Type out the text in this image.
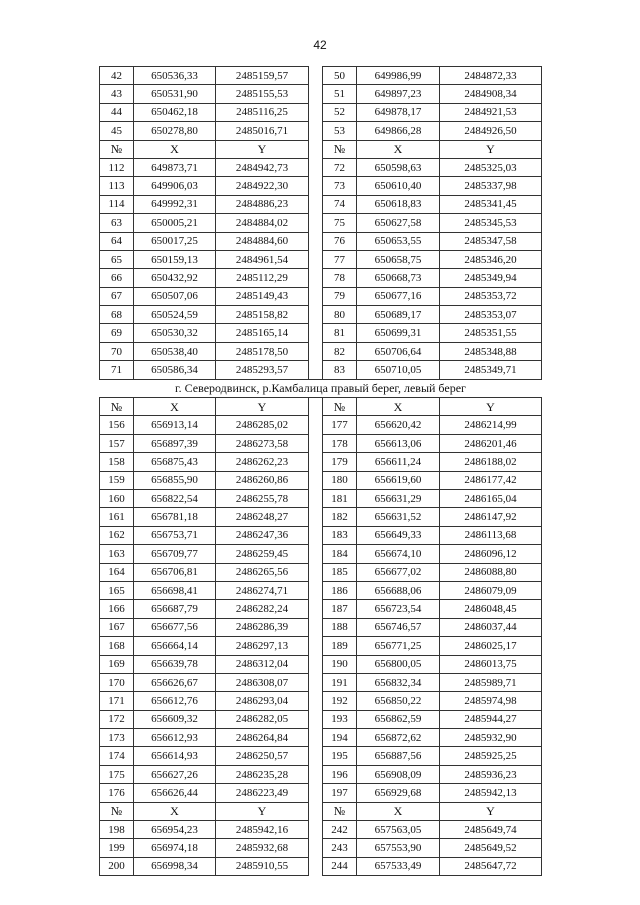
42
42	650536,33	2485159,57		50	649986,99	2484872,33
43	650531,90	2485155,53		51	649897,23	2484908,34
44	650462,18	2485116,25		52	649878,17	2484921,53
45	650278,80	2485016,71		53	649866,28	2484926,50
№	X	Y		№	X	Y
112	649873,71	2484942,73		72	650598,63	2485325,03
113	649906,03	2484922,30		73	650610,40	2485337,98
114	649992,31	2484886,23		74	650618,83	2485341,45
63	650005,21	2484884,02		75	650627,58	2485345,53
64	650017,25	2484884,60		76	650653,55	2485347,58
65	650159,13	2484961,54		77	650658,75	2485346,20
66	650432,92	2485112,29		78	650668,73	2485349,94
67	650507,06	2485149,43		79	650677,16	2485353,72
68	650524,59	2485158,82		80	650689,17	2485353,07
69	650530,32	2485165,14		81	650699,31	2485351,55
70	650538,40	2485178,50		82	650706,64	2485348,88
71	650586,34	2485293,57		83	650710,05	2485349,71
г. Северодвинск, р.Камбалица правый берег, левый берег						
№	X	Y		№	X	Y
156	656913,14	2486285,02		177	656620,42	2486214,99
157	656897,39	2486273,58		178	656613,06	2486201,46
158	656875,43	2486262,23		179	656611,24	2486188,02
159	656855,90	2486260,86		180	656619,60	2486177,42
160	656822,54	2486255,78		181	656631,29	2486165,04
161	656781,18	2486248,27		182	656631,52	2486147,92
162	656753,71	2486247,36		183	656649,33	2486113,68
163	656709,77	2486259,45		184	656674,10	2486096,12
164	656706,81	2486265,56		185	656677,02	2486088,80
165	656698,41	2486274,71		186	656688,06	2486079,09
166	656687,79	2486282,24		187	656723,54	2486048,45
167	656677,56	2486286,39		188	656746,57	2486037,44
168	656664,14	2486297,13		189	656771,25	2486025,17
169	656639,78	2486312,04		190	656800,05	2486013,75
170	656626,67	2486308,07		191	656832,34	2485989,71
171	656612,76	2486293,04		192	656850,22	2485974,98
172	656609,32	2486282,05		193	656862,59	2485944,27
173	656612,93	2486264,84		194	656872,62	2485932,90
174	656614,93	2486250,57		195	656887,56	2485925,25
175	656627,26	2486235,28		196	656908,09	2485936,23
176	656626,44	2486223,49		197	656929,68	2485942,13
№	X	Y		№	X	Y
198	656954,23	2485942,16		242	657563,05	2485649,74
199	656974,18	2485932,68		243	657553,90	2485649,52
200	656998,34	2485910,55		244	657533,49	2485647,72
